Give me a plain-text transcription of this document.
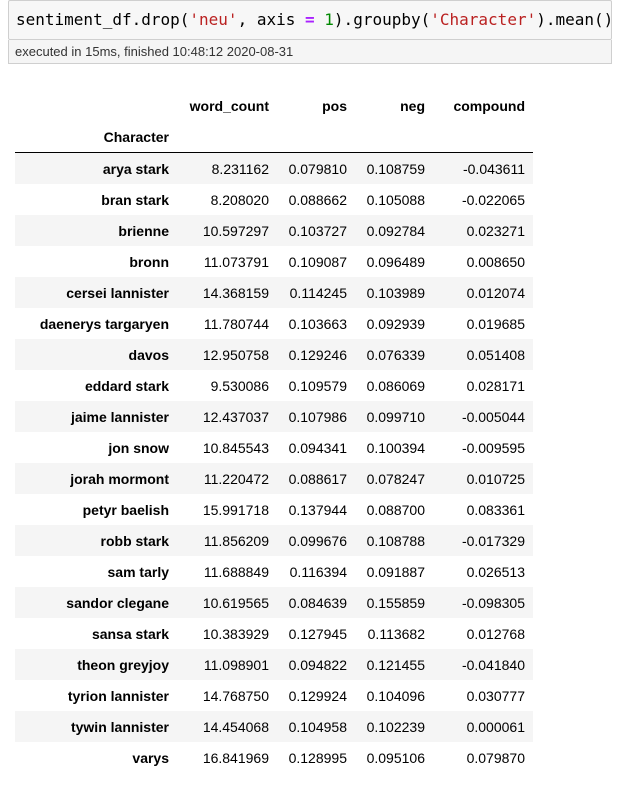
sentiment_df.drop('neu', axis = 1).groupby('Character').mean()
executed in 15ms, finished 10:48:12 2020-08-31
	word_count	pos	neg	compound
Character				
arya stark	8.231162	0.079810	0.108759	-0.043611
bran stark	8.208020	0.088662	0.105088	-0.022065
brienne	10.597297	0.103727	0.092784	0.023271
bronn	11.073791	0.109087	0.096489	0.008650
cersei lannister	14.368159	0.114245	0.103989	0.012074
daenerys targaryen	11.780744	0.103663	0.092939	0.019685
davos	12.950758	0.129246	0.076339	0.051408
eddard stark	9.530086	0.109579	0.086069	0.028171
jaime lannister	12.437037	0.107986	0.099710	-0.005044
jon snow	10.845543	0.094341	0.100394	-0.009595
jorah mormont	11.220472	0.088617	0.078247	0.010725
petyr baelish	15.991718	0.137944	0.088700	0.083361
robb stark	11.856209	0.099676	0.108788	-0.017329
sam tarly	11.688849	0.116394	0.091887	0.026513
sandor clegane	10.619565	0.084639	0.155859	-0.098305
sansa stark	10.383929	0.127945	0.113682	0.012768
theon greyjoy	11.098901	0.094822	0.121455	-0.041840
tyrion lannister	14.768750	0.129924	0.104096	0.030777
tywin lannister	14.454068	0.104958	0.102239	0.000061
varys	16.841969	0.128995	0.095106	0.079870
